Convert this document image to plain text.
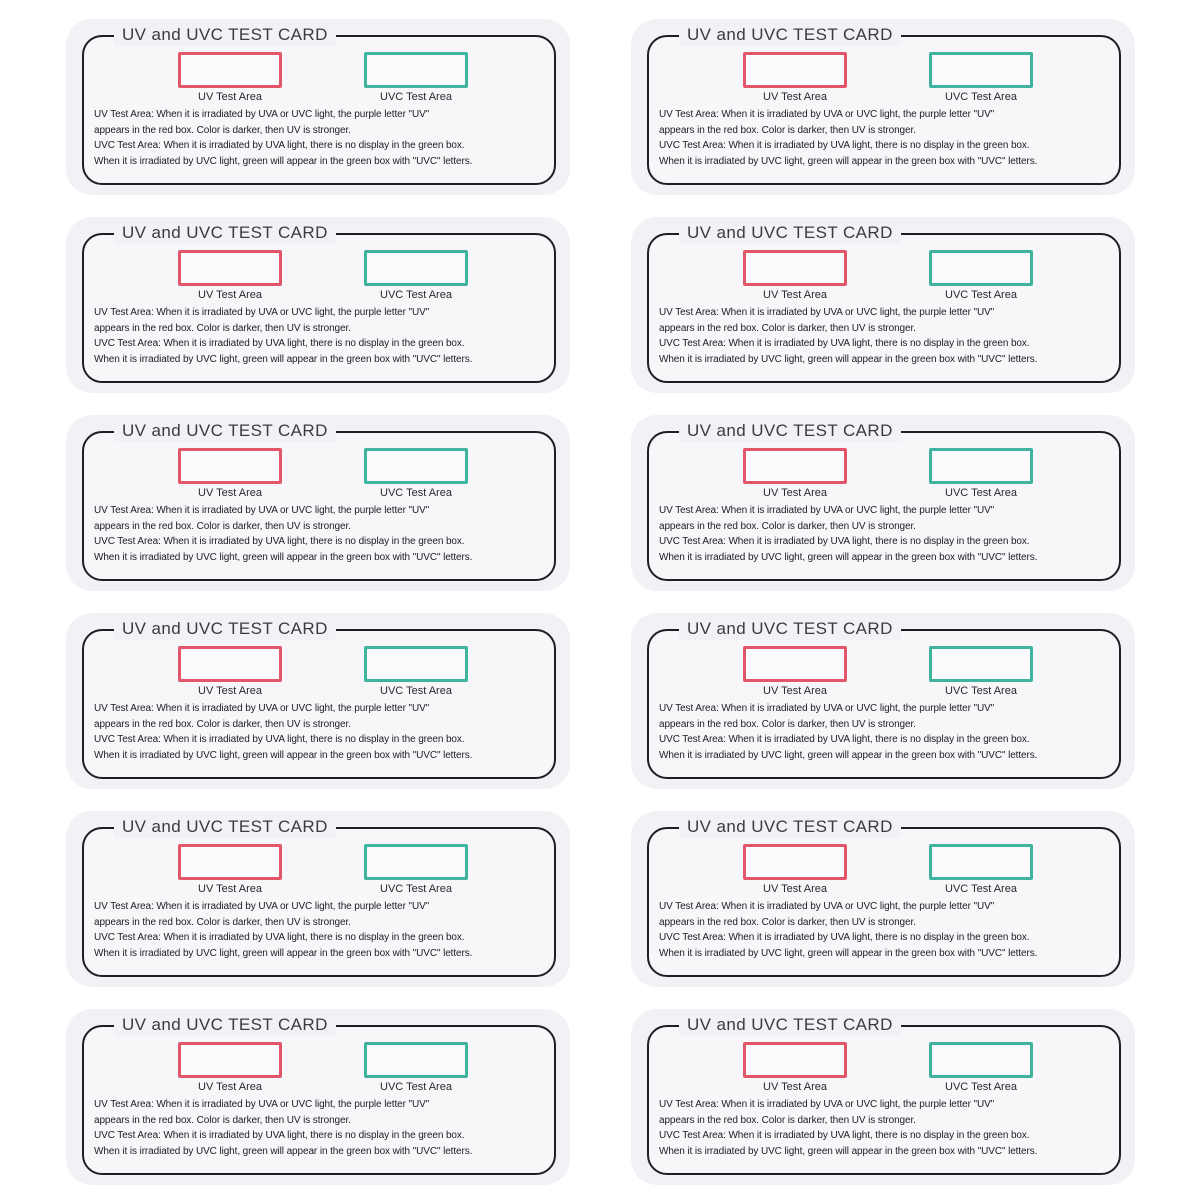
UV and UVC TEST CARD
UV Test Area	UVC Test Area
UV Test Area: When it is irradiated by UVA or UVC light, the purple letter "UV"
appears in the red box. Color is darker, then UV is stronger.
UVC Test Area: When it is irradiated by UVA light, there is no display in the green box.
When it is irradiated by UVC light, green will appear in the green box with "UVC" letters.
UV and UVC TEST CARD
UV Test Area	UVC Test Area
UV Test Area: When it is irradiated by UVA or UVC light, the purple letter "UV"
appears in the red box. Color is darker, then UV is stronger.
UVC Test Area: When it is irradiated by UVA light, there is no display in the green box.
When it is irradiated by UVC light, green will appear in the green box with "UVC" letters.
UV and UVC TEST CARD
UV Test Area	UVC Test Area
UV Test Area: When it is irradiated by UVA or UVC light, the purple letter "UV"
appears in the red box. Color is darker, then UV is stronger.
UVC Test Area: When it is irradiated by UVA light, there is no display in the green box.
When it is irradiated by UVC light, green will appear in the green box with "UVC" letters.
UV and UVC TEST CARD
UV Test Area	UVC Test Area
UV Test Area: When it is irradiated by UVA or UVC light, the purple letter "UV"
appears in the red box. Color is darker, then UV is stronger.
UVC Test Area: When it is irradiated by UVA light, there is no display in the green box.
When it is irradiated by UVC light, green will appear in the green box with "UVC" letters.
UV and UVC TEST CARD
UV Test Area	UVC Test Area
UV Test Area: When it is irradiated by UVA or UVC light, the purple letter "UV"
appears in the red box. Color is darker, then UV is stronger.
UVC Test Area: When it is irradiated by UVA light, there is no display in the green box.
When it is irradiated by UVC light, green will appear in the green box with "UVC" letters.
UV and UVC TEST CARD
UV Test Area	UVC Test Area
UV Test Area: When it is irradiated by UVA or UVC light, the purple letter "UV"
appears in the red box. Color is darker, then UV is stronger.
UVC Test Area: When it is irradiated by UVA light, there is no display in the green box.
When it is irradiated by UVC light, green will appear in the green box with "UVC" letters.
UV and UVC TEST CARD
UV Test Area	UVC Test Area
UV Test Area: When it is irradiated by UVA or UVC light, the purple letter "UV"
appears in the red box. Color is darker, then UV is stronger.
UVC Test Area: When it is irradiated by UVA light, there is no display in the green box.
When it is irradiated by UVC light, green will appear in the green box with "UVC" letters.
UV and UVC TEST CARD
UV Test Area	UVC Test Area
UV Test Area: When it is irradiated by UVA or UVC light, the purple letter "UV"
appears in the red box. Color is darker, then UV is stronger.
UVC Test Area: When it is irradiated by UVA light, there is no display in the green box.
When it is irradiated by UVC light, green will appear in the green box with "UVC" letters.
UV and UVC TEST CARD
UV Test Area	UVC Test Area
UV Test Area: When it is irradiated by UVA or UVC light, the purple letter "UV"
appears in the red box. Color is darker, then UV is stronger.
UVC Test Area: When it is irradiated by UVA light, there is no display in the green box.
When it is irradiated by UVC light, green will appear in the green box with "UVC" letters.
UV and UVC TEST CARD
UV Test Area	UVC Test Area
UV Test Area: When it is irradiated by UVA or UVC light, the purple letter "UV"
appears in the red box. Color is darker, then UV is stronger.
UVC Test Area: When it is irradiated by UVA light, there is no display in the green box.
When it is irradiated by UVC light, green will appear in the green box with "UVC" letters.
UV and UVC TEST CARD
UV Test Area	UVC Test Area
UV Test Area: When it is irradiated by UVA or UVC light, the purple letter "UV"
appears in the red box. Color is darker, then UV is stronger.
UVC Test Area: When it is irradiated by UVA light, there is no display in the green box.
When it is irradiated by UVC light, green will appear in the green box with "UVC" letters.
UV and UVC TEST CARD
UV Test Area	UVC Test Area
UV Test Area: When it is irradiated by UVA or UVC light, the purple letter "UV"
appears in the red box. Color is darker, then UV is stronger.
UVC Test Area: When it is irradiated by UVA light, there is no display in the green box.
When it is irradiated by UVC light, green will appear in the green box with "UVC" letters.
